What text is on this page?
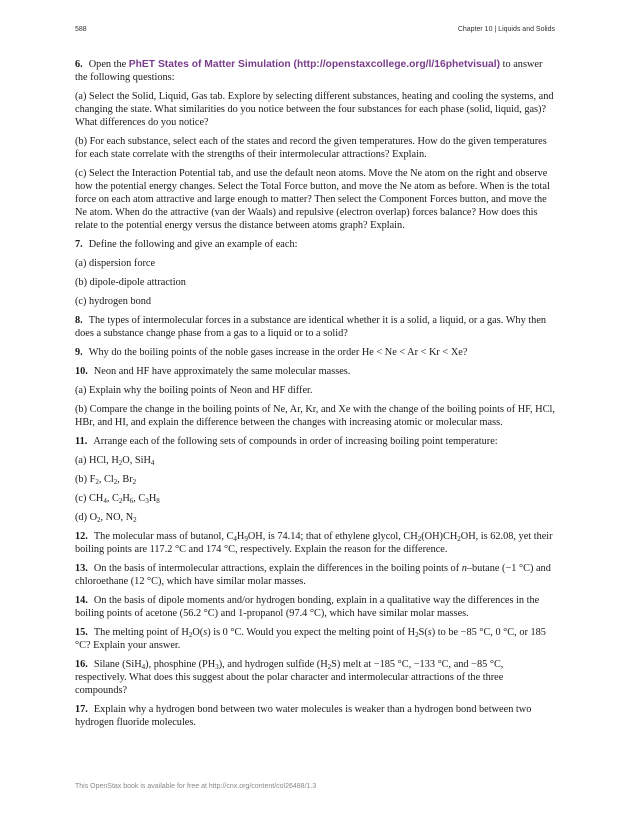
588	Chapter 10 | Liquids and Solids

6. Open the PhET States of Matter Simulation (http://openstaxcollege.org/l/16phetvisual) to answer the following questions:

(a) Select the Solid, Liquid, Gas tab. Explore by selecting different substances, heating and cooling the systems, and changing the state. What similarities do you notice between the four substances for each phase (solid, liquid, gas)? What differences do you notice?

(b) For each substance, select each of the states and record the given temperatures. How do the given temperatures for each state correlate with the strengths of their intermolecular attractions? Explain.

(c) Select the Interaction Potential tab, and use the default neon atoms. Move the Ne atom on the right and observe how the potential energy changes. Select the Total Force button, and move the Ne atom as before. When is the total force on each atom attractive and large enough to matter? Then select the Component Forces button, and move the Ne atom. When do the attractive (van der Waals) and repulsive (electron overlap) forces balance? How does this relate to the potential energy versus the distance between atoms graph? Explain.

7. Define the following and give an example of each:

(a) dispersion force

(b) dipole-dipole attraction

(c) hydrogen bond

8. The types of intermolecular forces in a substance are identical whether it is a solid, a liquid, or a gas. Why then does a substance change phase from a gas to a liquid or to a solid?

9. Why do the boiling points of the noble gases increase in the order He < Ne < Ar < Kr < Xe?

10. Neon and HF have approximately the same molecular masses.

(a) Explain why the boiling points of Neon and HF differ.

(b) Compare the change in the boiling points of Ne, Ar, Kr, and Xe with the change of the boiling points of HF, HCl, HBr, and HI, and explain the difference between the changes with increasing atomic or molecular mass.

11. Arrange each of the following sets of compounds in order of increasing boiling point temperature:

(a) HCl, $H_2O$, SiH$_4$

(b) $F_2$, $Cl_2$, $Br_2$

(c) $CH_4$, $C_2H_6$, $C_3H_8$

(d) $O_2$, NO, $N_2$

12. The molecular mass of butanol, $C_4H_9OH$, is 74.14; that of ethylene glycol, $CH_2(OH)CH_2OH$, is 62.08, yet their boiling points are 117.2 °C and 174 °C, respectively. Explain the reason for the difference.

13. On the basis of intermolecular attractions, explain the differences in the boiling points of n–butane (−1 °C) and chloroethane (12 °C), which have similar molar masses.

14. On the basis of dipole moments and/or hydrogen bonding, explain in a qualitative way the differences in the boiling points of acetone (56.2 °C) and 1-propanol (97.4 °C), which have similar molar masses.

15. The melting point of $H_2O(s)$ is 0 °C. Would you expect the melting point of $H_2S(s)$ to be −85 °C, 0 °C, or 185 °C? Explain your answer.

16. Silane (SiH$_4$), phosphine $(PH_3)$, and hydrogen sulfide $(H_2S)$ melt at −185 °C, −133 °C, and −85 °C, respectively. What does this suggest about the polar character and intermolecular attractions of the three compounds?

17. Explain why a hydrogen bond between two water molecules is weaker than a hydrogen bond between two hydrogen fluoride molecules.

This OpenStax book is available for free at http://cnx.org/content/col26488/1.3
